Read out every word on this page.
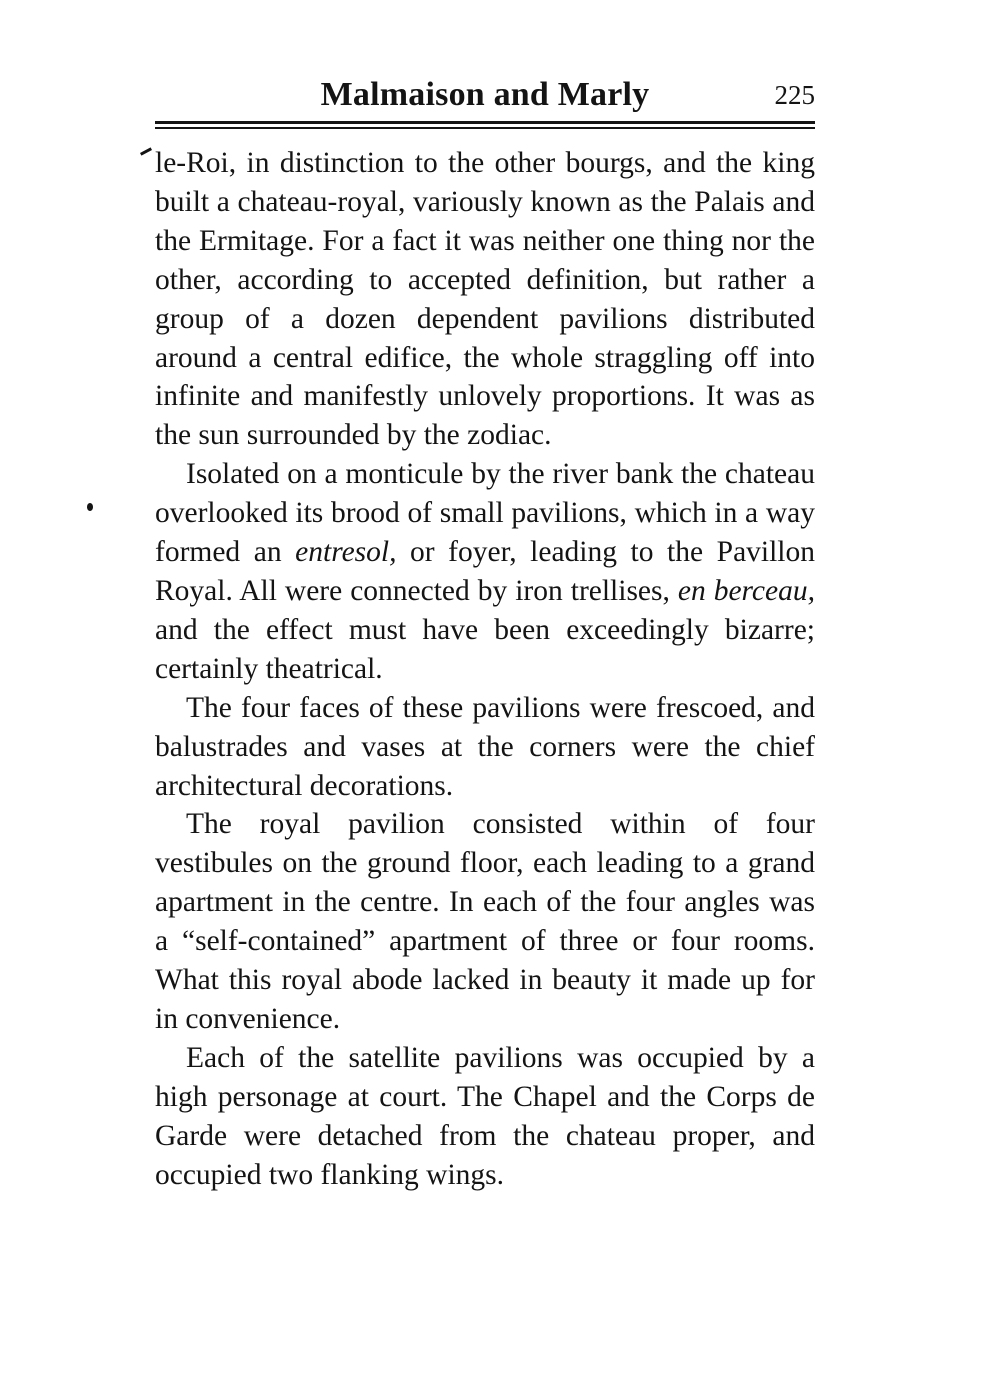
Malmaison and Marly	225

le-Roi, in distinction to the other bourgs, and the king built a chateau-royal, variously known as the Palais and the Ermitage. For a fact it was neither one thing nor the other, according to accepted definition, but rather a group of a dozen dependent pavilions distributed around a central edifice, the whole straggling off into infinite and manifestly unlovely proportions. It was as the sun surrounded by the zodiac.

Isolated on a monticule by the river bank the chateau overlooked its brood of small pavilions, which in a way formed an entresol, or foyer, leading to the Pavillon Royal. All were connected by iron trellises, en berceau, and the effect must have been exceedingly bizarre; certainly theatrical.

The four faces of these pavilions were frescoed, and balustrades and vases at the corners were the chief architectural decorations.

The royal pavilion consisted within of four vestibules on the ground floor, each leading to a grand apartment in the centre. In each of the four angles was a “self-contained” apartment of three or four rooms. What this royal abode lacked in beauty it made up for in convenience.

Each of the satellite pavilions was occupied by a high personage at court. The Chapel and the Corps de Garde were detached from the chateau proper, and occupied two flanking wings.
